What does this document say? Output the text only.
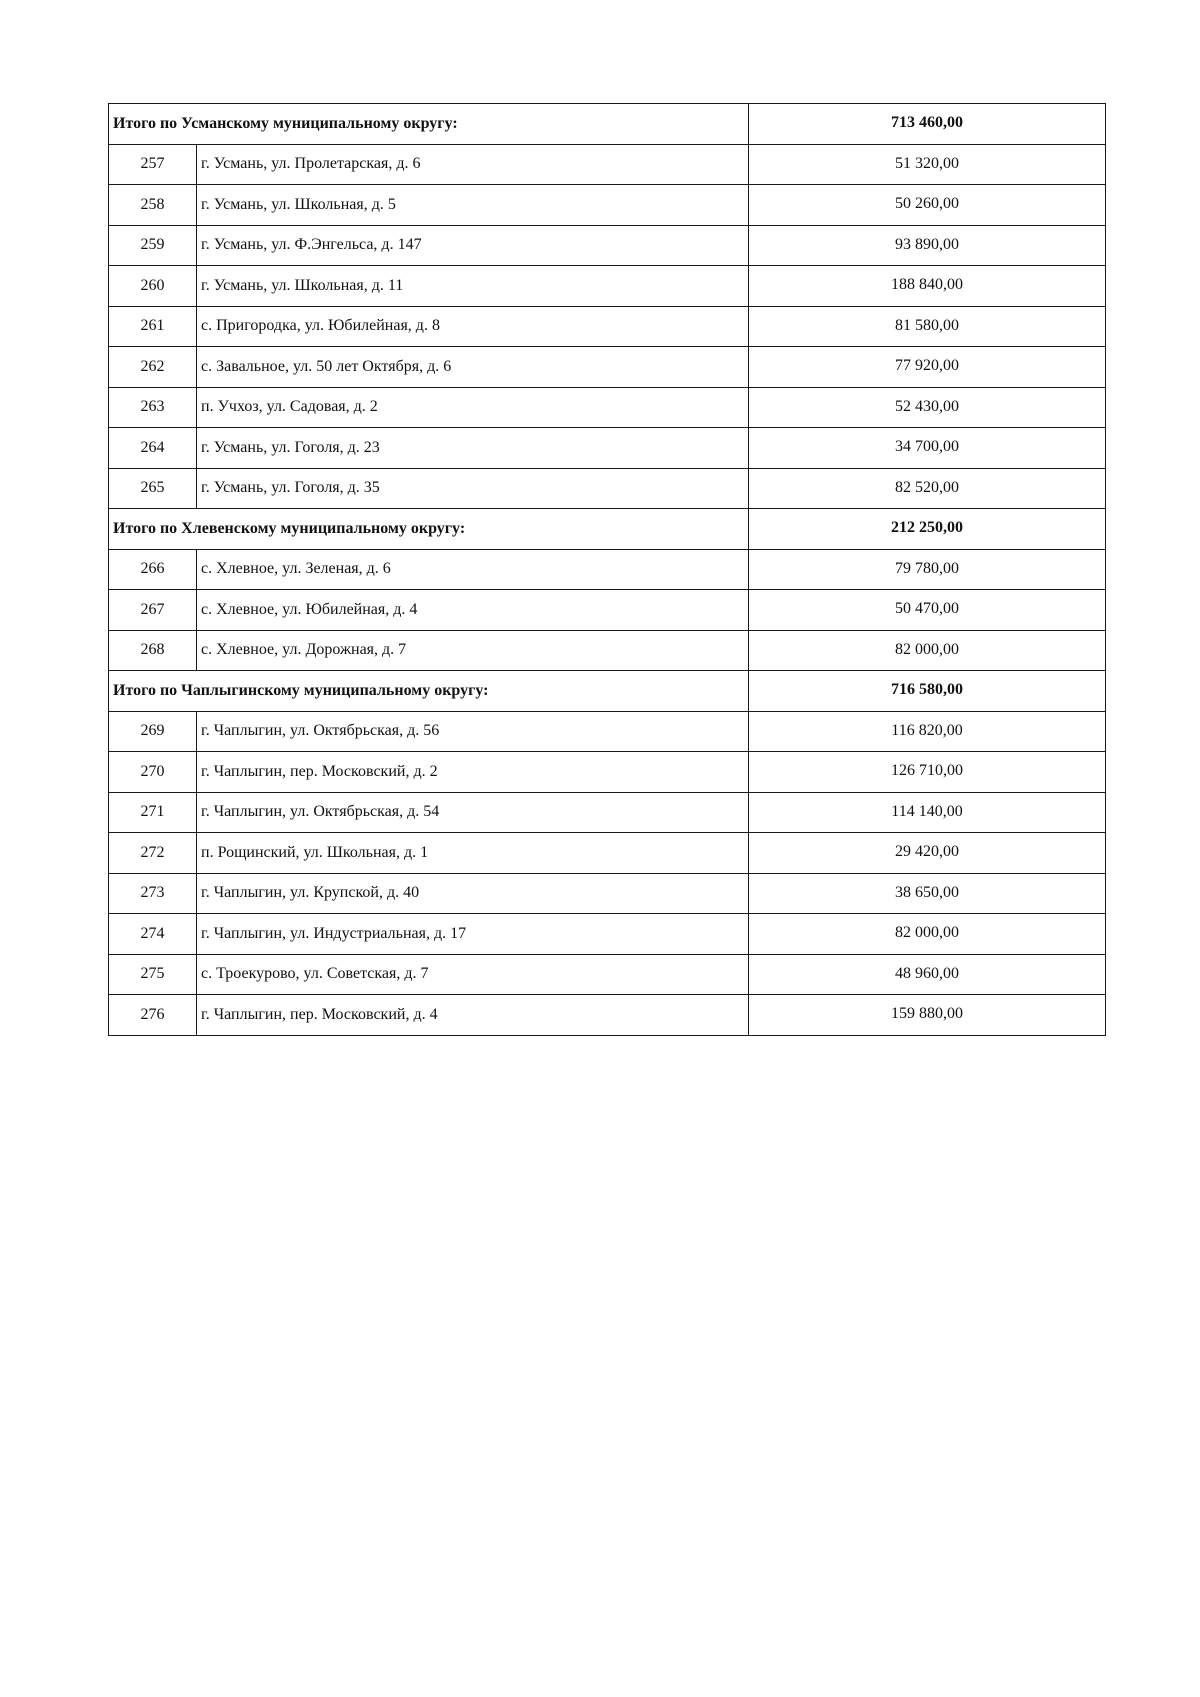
Итого по Усманскому муниципальному округу:		713 460,00
257	г. Усмань, ул. Пролетарская, д. 6	51 320,00
258	г. Усмань, ул. Школьная, д. 5	50 260,00
259	г. Усмань, ул. Ф.Энгельса, д. 147	93 890,00
260	г. Усмань, ул. Школьная, д. 11	188 840,00
261	с. Пригородка, ул. Юбилейная, д. 8	81 580,00
262	с. Завальное, ул. 50 лет Октября, д. 6	77 920,00
263	п. Учхоз, ул. Садовая, д. 2	52 430,00
264	г. Усмань, ул. Гоголя, д. 23	34 700,00
265	г. Усмань, ул. Гоголя, д. 35	82 520,00
Итого по Хлевенскому муниципальному округу:		212 250,00
266	с. Хлевное, ул. Зеленая, д. 6	79 780,00
267	с. Хлевное, ул. Юбилейная, д. 4	50 470,00
268	с. Хлевное, ул. Дорожная, д. 7	82 000,00
Итого по Чаплыгинскому муниципальному округу:		716 580,00
269	г. Чаплыгин, ул. Октябрьская, д. 56	116 820,00
270	г. Чаплыгин, пер. Московский, д. 2	126 710,00
271	г. Чаплыгин, ул. Октябрьская, д. 54	114 140,00
272	п. Рощинский, ул. Школьная, д. 1	29 420,00
273	г. Чаплыгин, ул. Крупской, д. 40	38 650,00
274	г. Чаплыгин, ул. Индустриальная, д. 17	82 000,00
275	с. Троекурово, ул. Советская, д. 7	48 960,00
276	г. Чаплыгин, пер. Московский, д. 4	159 880,00
